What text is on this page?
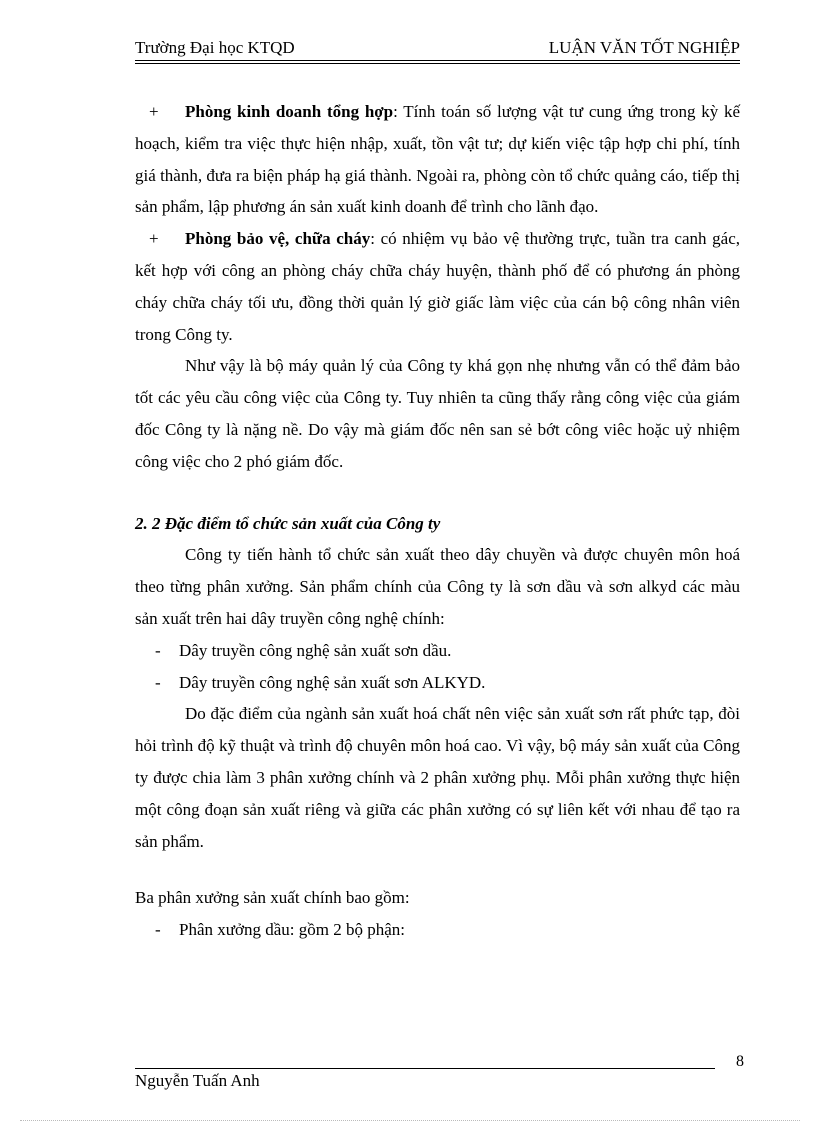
Trường Đại học KTQD	LUẬN VĂN TỐT NGHIỆP

+ Phòng kinh doanh tổng hợp: Tính toán số lượng vật tư cung ứng trong kỳ kế hoạch, kiểm tra việc thực hiện nhập, xuất, tồn vật tư; dự kiến việc tập hợp chi phí, tính giá thành, đưa ra biện pháp hạ giá thành. Ngoài ra, phòng còn tổ chức quảng cáo, tiếp thị sản phẩm, lập phương án sản xuất kinh doanh để trình cho lãnh đạo.

+ Phòng bảo vệ, chữa cháy: có nhiệm vụ bảo vệ thường trực, tuần tra canh gác, kết hợp với công an phòng cháy chữa cháy huyện, thành phố để có phương án phòng cháy chữa cháy tối ưu, đồng thời quản lý giờ giấc làm việc của cán bộ công nhân viên trong Công ty.

Như vậy là bộ máy quản lý của Công ty khá gọn nhẹ nhưng vẫn có thể đảm bảo tốt các yêu cầu công việc của Công ty. Tuy nhiên ta cũng thấy rằng công việc của giám đốc Công ty là nặng nề. Do vậy mà giám đốc nên san sẻ bớt công viêc hoặc uỷ nhiệm công việc cho 2 phó giám đốc.

2. 2 Đặc điểm tổ chức sản xuất của Công ty

Công ty tiến hành tổ chức sản xuất theo dây chuyền và được chuyên môn hoá theo từng phân xưởng. Sản phẩm chính của Công ty là sơn dầu và sơn alkyd các màu sản xuất trên hai dây truyền công nghệ chính:

- Dây truyền công nghệ sản xuất sơn dầu.

- Dây truyền công nghệ sản xuất sơn ALKYD.

Do đặc điểm của ngành sản xuất hoá chất nên việc sản xuất sơn rất phức tạp, đòi hỏi trình độ kỹ thuật và trình độ chuyên môn hoá cao. Vì vậy, bộ máy sản xuất của Công ty được chia làm 3 phân xưởng chính và 2 phân xưởng phụ. Mỗi phân xưởng thực hiện một công đoạn sản xuất riêng và giữa các phân xưởng có sự liên kết với nhau để tạo ra sản phẩm.

Ba phân xưởng sản xuất chính bao gồm:

- Phân xưởng dầu: gồm 2 bộ phận:

8
Nguyễn Tuấn Anh
